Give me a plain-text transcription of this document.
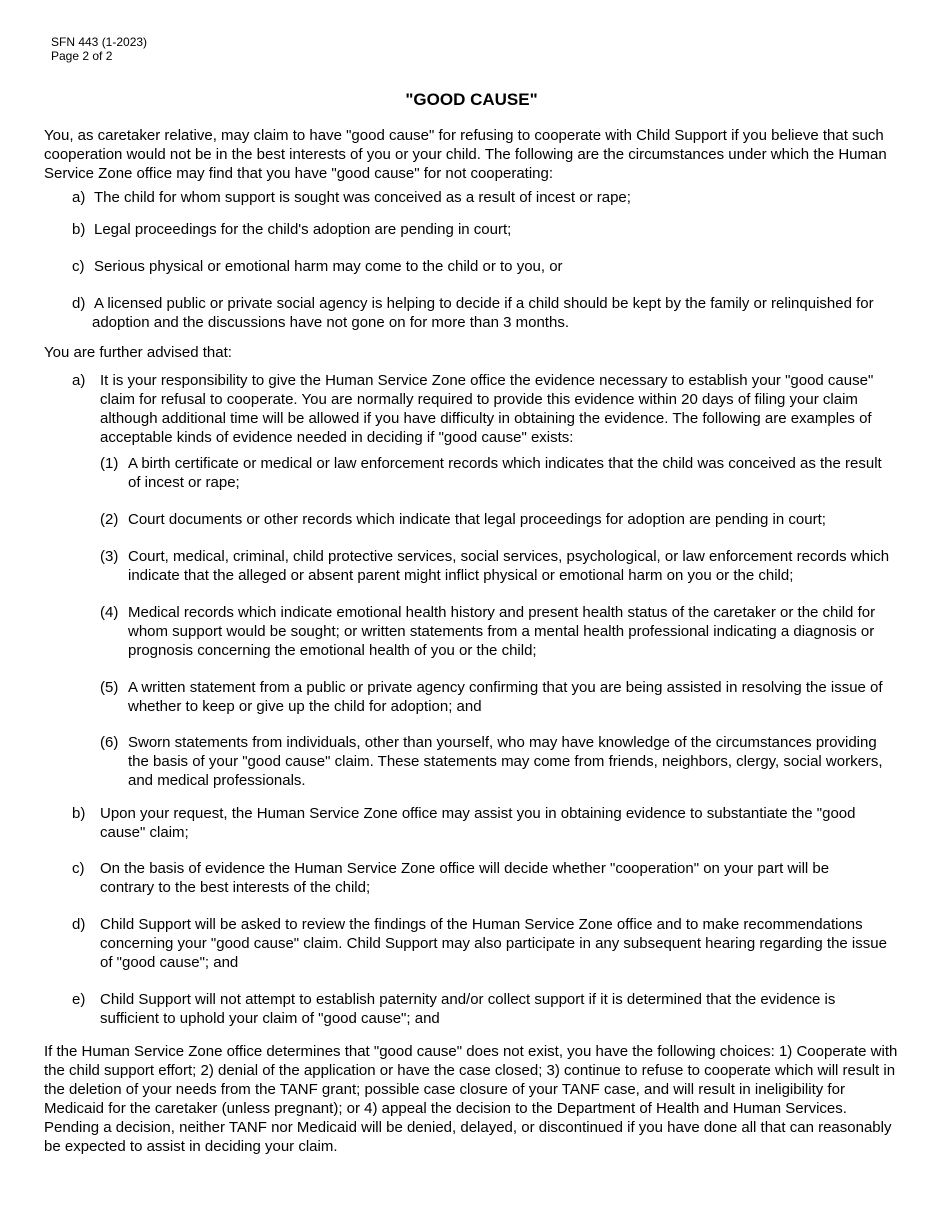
SFN 443 (1-2023)
Page 2 of 2
"GOOD CAUSE"
You, as caretaker relative, may claim to have "good cause" for refusing to cooperate with Child Support if you believe that such cooperation would not be in the best interests of you or your child. The following are the circumstances under which the Human Service Zone office may find that you have "good cause" for not cooperating:
a) The child for whom support is sought was conceived as a result of incest or rape;
b) Legal proceedings for the child's adoption are pending in court;
c) Serious physical or emotional harm may come to the child or to you, or
d) A licensed public or private social agency is helping to decide if a child should be kept by the family or relinquished for adoption and the discussions have not gone on for more than 3 months.
You are further advised that:
a) It is your responsibility to give the Human Service Zone office the evidence necessary to establish your "good cause" claim for refusal to cooperate. You are normally required to provide this evidence within 20 days of filing your claim although additional time will be allowed if you have difficulty in obtaining the evidence. The following are examples of acceptable kinds of evidence needed in deciding if "good cause" exists:
(1) A birth certificate or medical or law enforcement records which indicates that the child was conceived as the result of incest or rape;
(2) Court documents or other records which indicate that legal proceedings for adoption are pending in court;
(3) Court, medical, criminal, child protective services, social services, psychological, or law enforcement records which indicate that the alleged or absent parent might inflict physical or emotional harm on you or the child;
(4) Medical records which indicate emotional health history and present health status of the caretaker or the child for whom support would be sought; or written statements from a mental health professional indicating a diagnosis or prognosis concerning the emotional health of you or the child;
(5) A written statement from a public or private agency confirming that you are being assisted in resolving the issue of whether to keep or give up the child for adoption; and
(6) Sworn statements from individuals, other than yourself, who may have knowledge of the circumstances providing the basis of your "good cause" claim. These statements may come from friends, neighbors, clergy, social workers, and medical professionals.
b) Upon your request, the Human Service Zone office may assist you in obtaining evidence to substantiate the "good cause" claim;
c) On the basis of evidence the Human Service Zone office will decide whether "cooperation" on your part will be contrary to the best interests of the child;
d) Child Support will be asked to review the findings of the Human Service Zone office and to make recommendations concerning your "good cause" claim. Child Support may also participate in any subsequent hearing regarding the issue of "good cause"; and
e) Child Support will not attempt to establish paternity and/or collect support if it is determined that the evidence is sufficient to uphold your claim of "good cause"; and
If the Human Service Zone office determines that "good cause" does not exist, you have the following choices: 1) Cooperate with the child support effort; 2) denial of the application or have the case closed; 3) continue to refuse to cooperate which will result in the deletion of your needs from the TANF grant; possible case closure of your TANF case, and will result in ineligibility for Medicaid for the caretaker (unless pregnant); or 4) appeal the decision to the Department of Health and Human Services. Pending a decision, neither TANF nor Medicaid will be denied, delayed, or discontinued if you have done all that can reasonably be expected to assist in deciding your claim.
